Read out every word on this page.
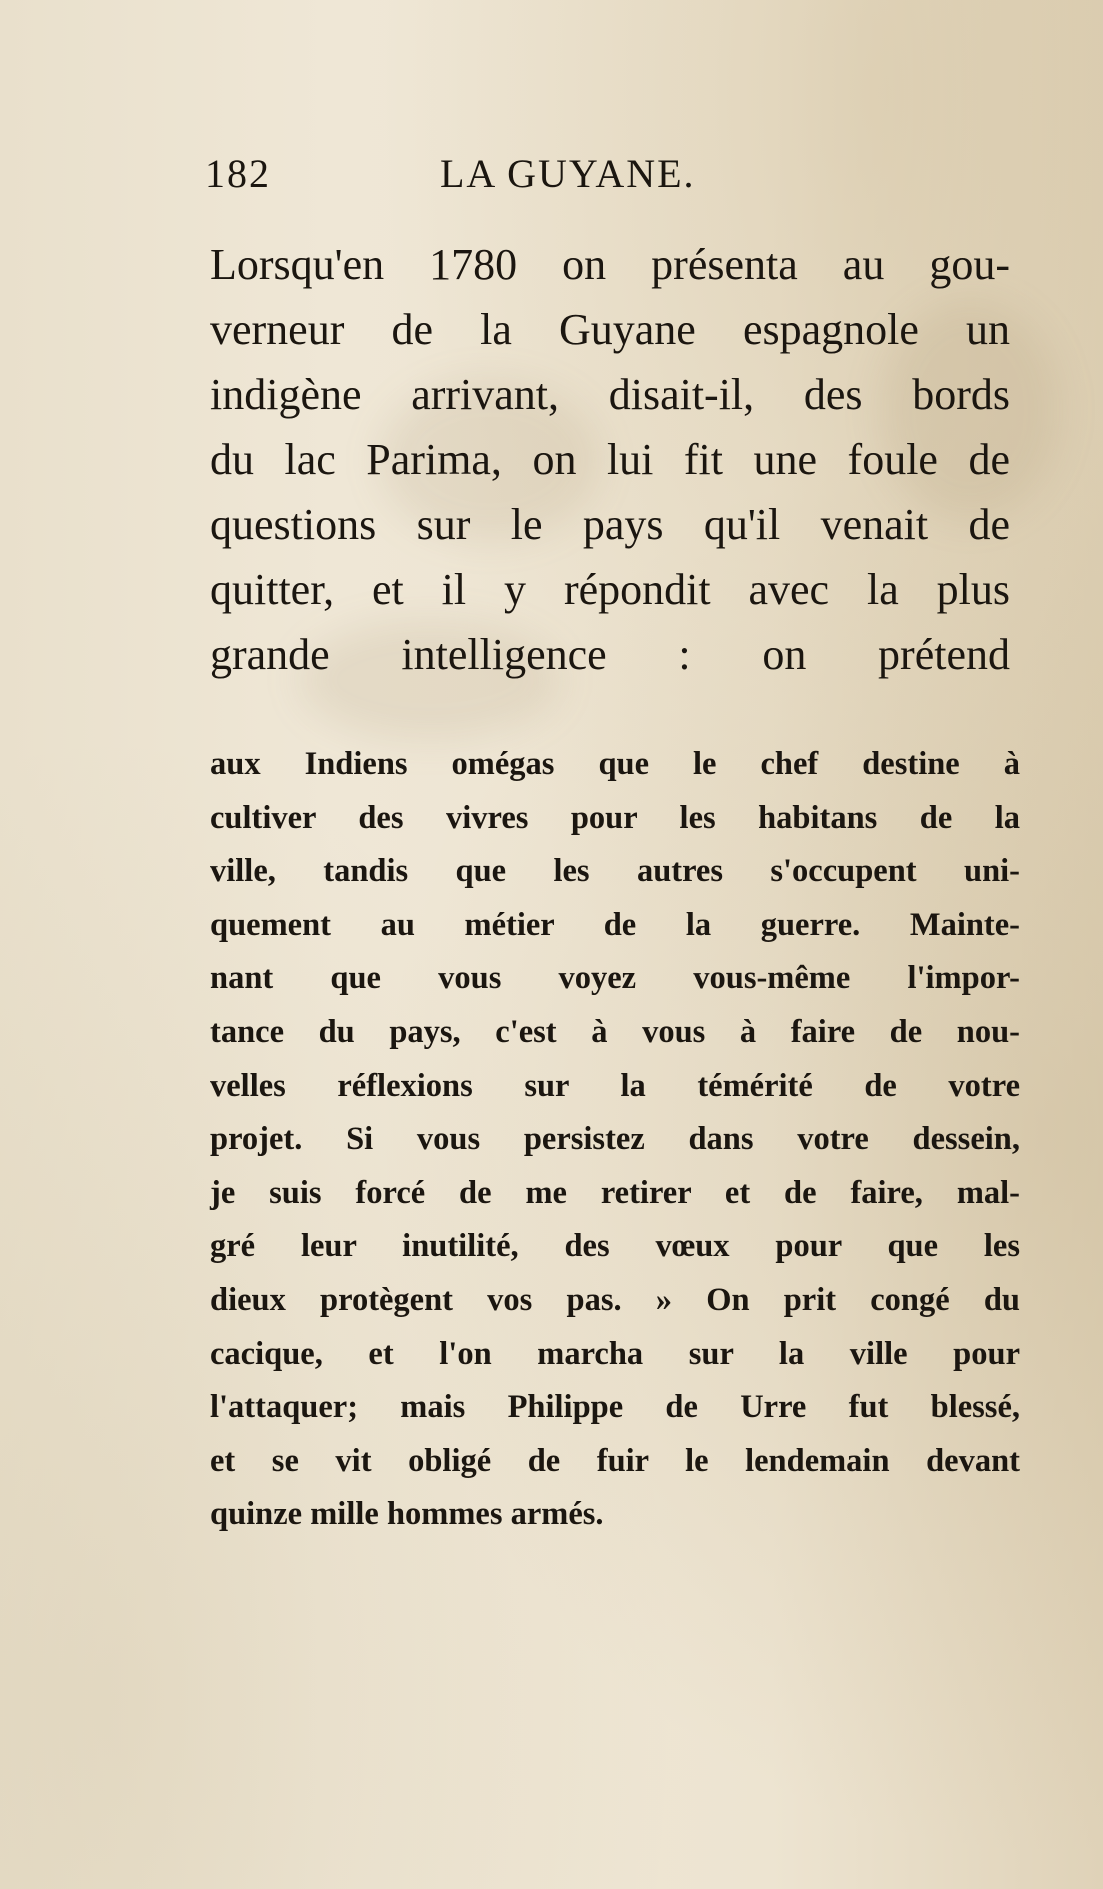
182	LA GUYANE.
Lorsqu'en 1780 on présenta au gou-
verneur de la Guyane espagnole un
indigène arrivant, disait-il, des bords
du lac Parima, on lui fit une foule de
questions sur le pays qu'il venait de
quitter, et il y répondit avec la plus
grande intelligence : on prétend
aux Indiens omégas que le chef destine à
cultiver des vivres pour les habitans de la
ville, tandis que les autres s'occupent uni-
quement au métier de la guerre. Mainte-
nant que vous voyez vous-même l'impor-
tance du pays, c'est à vous à faire de nou-
velles réflexions sur la témérité de votre
projet. Si vous persistez dans votre dessein,
je suis forcé de me retirer et de faire, mal-
gré leur inutilité, des vœux pour que les
dieux protègent vos pas. » On prit congé du
cacique, et l'on marcha sur la ville pour
l'attaquer; mais Philippe de Urre fut blessé,
et se vit obligé de fuir le lendemain devant
quinze mille hommes armés.
